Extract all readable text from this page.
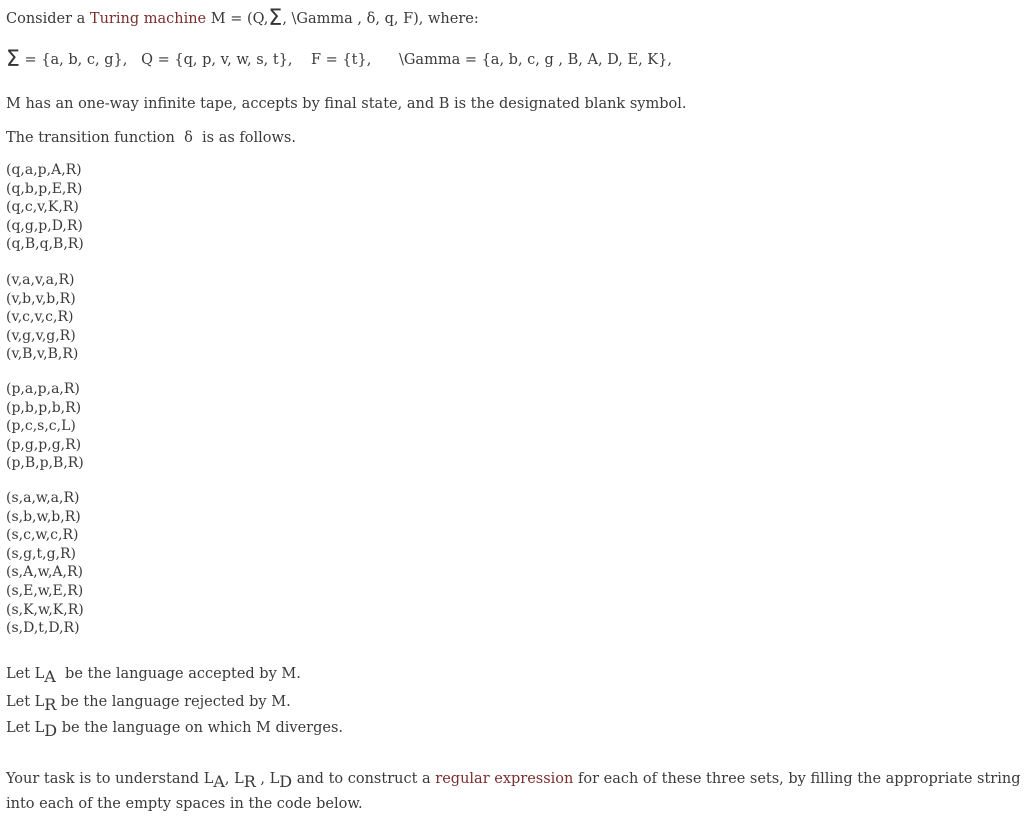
Consider a Turing machine M = (Q,Σ, \Gamma , δ, q, F), where:
Σ = {a, b, c, g},   Q = {q, p, v, w, s, t},    F = {t},      \Gamma = {a, b, c, g , B, A, D, E, K},
M has an one-way infinite tape, accepts by final state, and B is the designated blank symbol.
The transition function  δ  is as follows.
(q,a,p,A,R)
(q,b,p,E,R)
(q,c,v,K,R)
(q,g,p,D,R)
(q,B,q,B,R)
(v,a,v,a,R)
(v,b,v,b,R)
(v,c,v,c,R)
(v,g,v,g,R)
(v,B,v,B,R)
(p,a,p,a,R)
(p,b,p,b,R)
(p,c,s,c,L)
(p,g,p,g,R)
(p,B,p,B,R)
(s,a,w,a,R)
(s,b,w,b,R)
(s,c,w,c,R)
(s,g,t,g,R)
(s,A,w,A,R)
(s,E,w,E,R)
(s,K,w,K,R)
(s,D,t,D,R)
Let LA  be the language accepted by M.
Let LR be the language rejected by M.
Let LD be the language on which M diverges.
Your task is to understand LA, LR , LD and to construct a regular expression for each of these three sets, by filling the appropriate string into each of the empty spaces in the code below.
